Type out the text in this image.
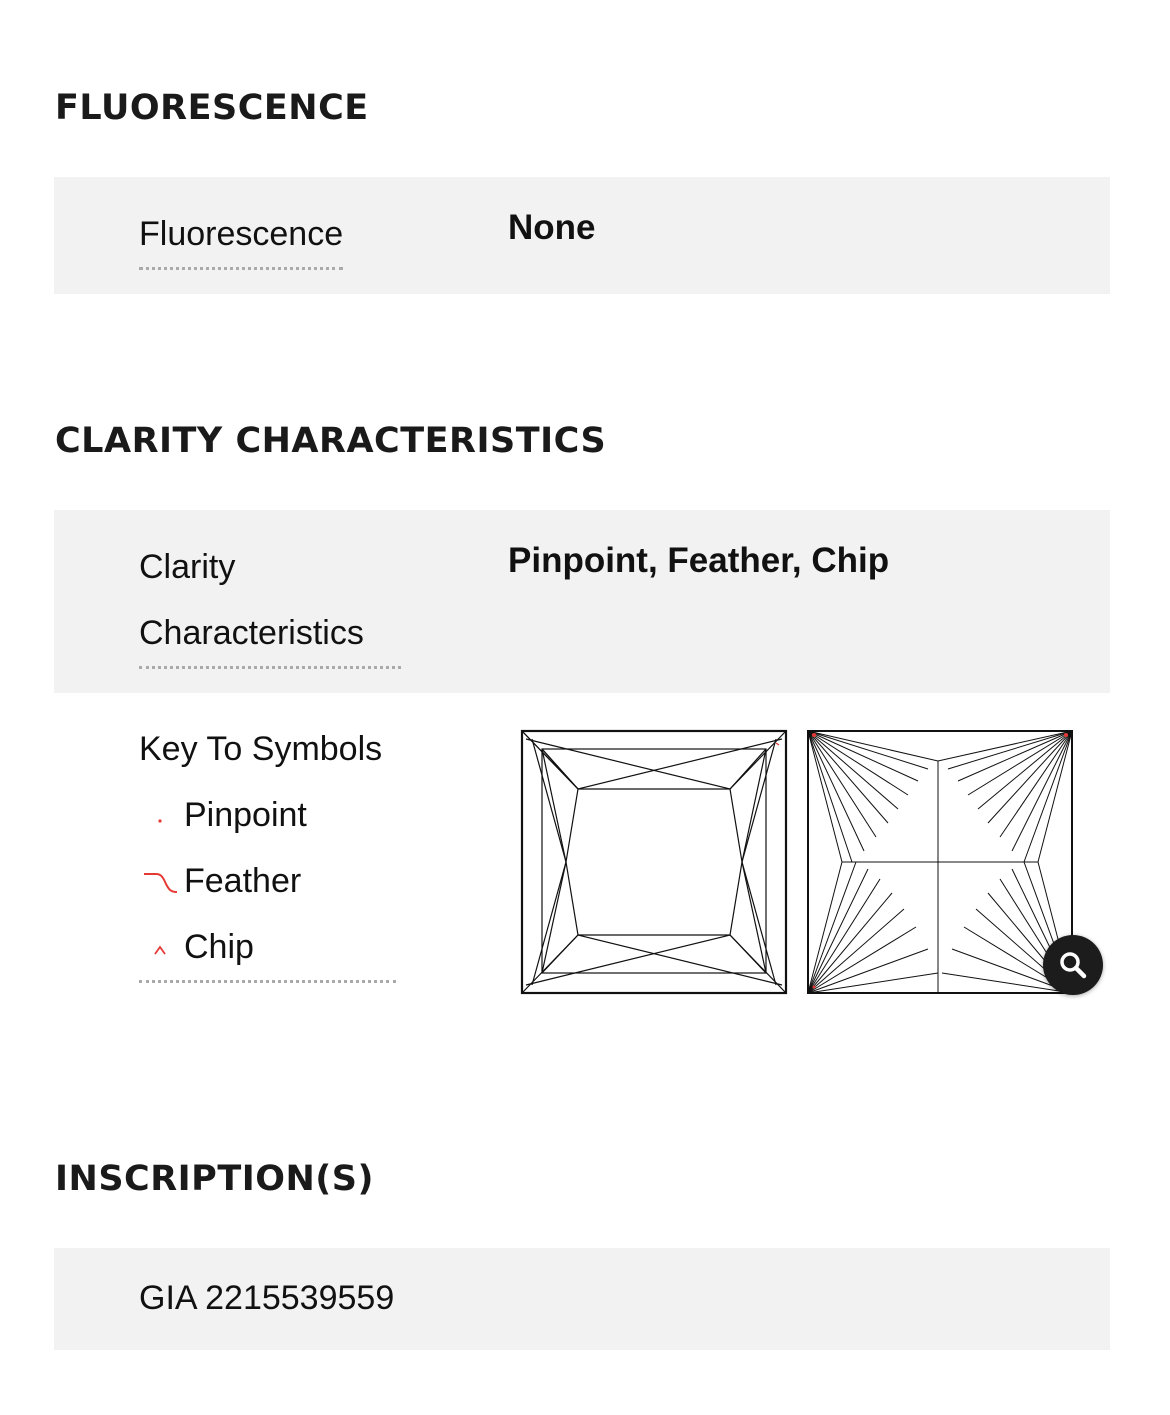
FLUORESCENCE
Fluorescence	None
CLARITY CHARACTERISTICS
Clarity
Characteristics
Pinpoint, Feather, Chip
Key To Symbols
Pinpoint
Feather
Chip
INSCRIPTION(S)
GIA 2215539559
